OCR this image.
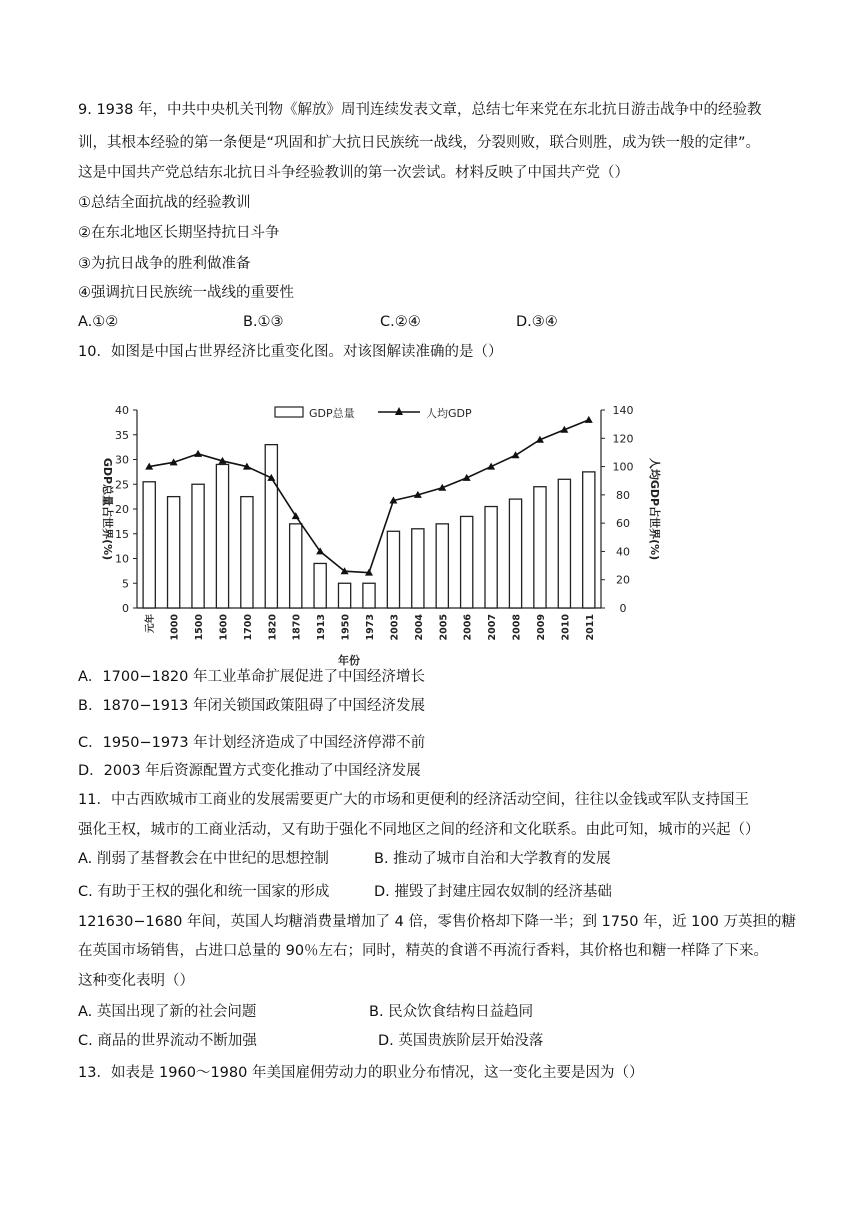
9. 1938 年，中共中央机关刊物《解放》周刊连续发表文章，总结七年来党在东北抗日游击战争中的经验教
训，其根本经验的第一条便是“巩固和扩大抗日民族统一战线，分裂则败，联合则胜，成为铁一般的定律”。
这是中国共产党总结东北抗日斗争经验教训的第一次尝试。材料反映了中国共产党（）
①总结全面抗战的经验教训
②在东北地区长期坚持抗日斗争
③为抗日战争的胜利做准备
④强调抗日民族统一战线的重要性
A.①②	B.①③	C.②④	D.③④
10．如图是中国占世界经济比重变化图。对该图解读准确的是（）
0
5
10
15
20
25
30
35
40
0
20
40
60
80
100
120
140
元年 1000 1500 1600 1700 1820 1870 1913 1950 1973 2003 2004 2005 2006 2007 2008 2009 2010 2011
年份
GDP总量占世界(%)	人均GDP占世界(%)
GDP总量	人均GDP
A．1700−1820 年工业革命扩展促进了中国经济增长
B．1870−1913 年闭关锁国政策阻碍了中国经济发展
C．1950−1973 年计划经济造成了中国经济停滞不前
D．2003 年后资源配置方式变化推动了中国经济发展
11．中古西欧城市工商业的发展需要更广大的市场和更便利的经济活动空间，往往以金钱或军队支持国王
强化王权，城市的工商业活动，又有助于强化不同地区之间的经济和文化联系。由此可知，城市的兴起（）
A. 削弱了基督教会在中世纪的思想控制	B. 推动了城市自治和大学教育的发展
C. 有助于王权的强化和统一国家的形成	D. 摧毁了封建庄园农奴制的经济基础
121630−1680 年间，英国人均糖消费量增加了 4 倍，零售价格却下降一半；到 1750 年，近 100 万英担的糖
在英国市场销售，占进口总量的 90％左右；同时，精英的食谱不再流行香料，其价格也和糖一样降了下来。
这种变化表明（）
A. 英国出现了新的社会问题	B. 民众饮食结构日益趋同
C. 商品的世界流动不断加强	D. 英国贵族阶层开始没落
13．如表是 1960～1980 年美国雇佣劳动力的职业分布情况，这一变化主要是因为（）
